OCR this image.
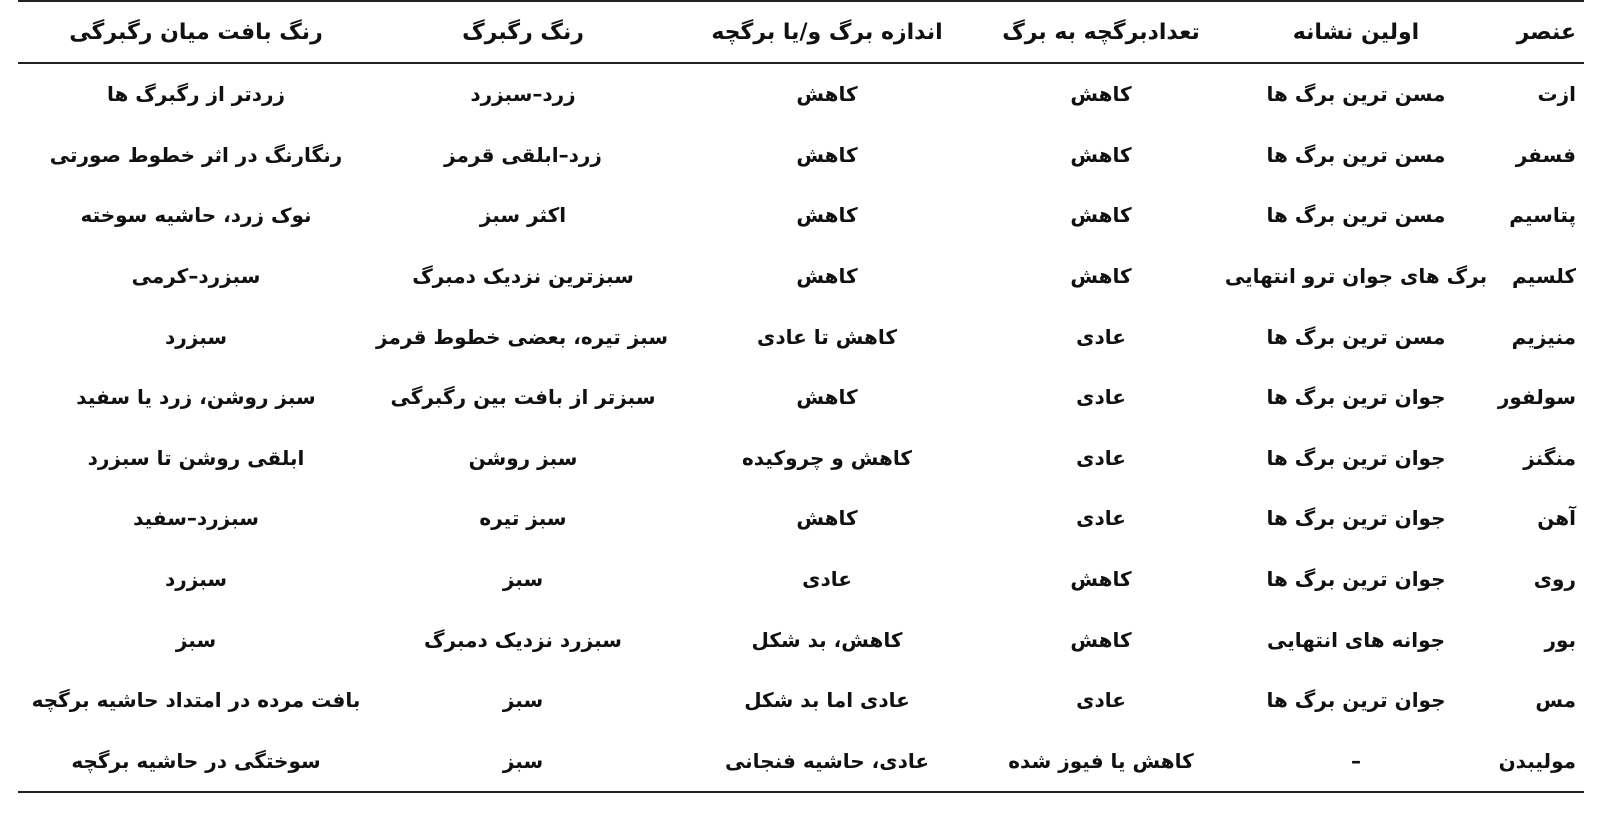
عنصر	اولین نشانه	تعدادبرگچه به برگ	اندازه برگ و/یا برگچه	رنگ رگبرگ	رنگ بافت میان رگبرگی
ازت	مسن ترین برگ ها	کاهش	کاهش	زرد–سبزرد	زردتر از رگبرگ ها
فسفر	مسن ترین برگ ها	کاهش	کاهش	زرد–ابلقی قرمز	رنگارنگ در اثر خطوط صورتی
پتاسیم	مسن ترین برگ ها	کاهش	کاهش	اکثر سبز	نوک زرد، حاشیه سوخته
کلسیم	برگ های جوان ترو انتهایی	کاهش	کاهش	سبزترین نزدیک دمبرگ	سبزرد–کرمی
منیزیم	مسن ترین برگ ها	عادی	کاهش تا عادی	سبز تیره، بعضی خطوط قرمز	سبزرد
سولفور	جوان ترین برگ ها	عادی	کاهش	سبزتر از بافت بین رگبرگی	سبز روشن، زرد یا سفید
منگنز	جوان ترین برگ ها	عادی	کاهش و چروکیده	سبز روشن	ابلقی روشن تا سبزرد
آهن	جوان ترین برگ ها	عادی	کاهش	سبز تیره	سبزرد–سفید
روی	جوان ترین برگ ها	کاهش	عادی	سبز	سبزرد
بور	جوانه های انتهایی	کاهش	کاهش، بد شکل	سبزرد نزدیک دمبرگ	سبز
مس	جوان ترین برگ ها	عادی	عادی اما بد شکل	سبز	بافت مرده در امتداد حاشیه برگچه
مولیبدن	–	کاهش یا فیوز شده	عادی، حاشیه فنجانی	سبز	سوختگی در حاشیه برگچه
